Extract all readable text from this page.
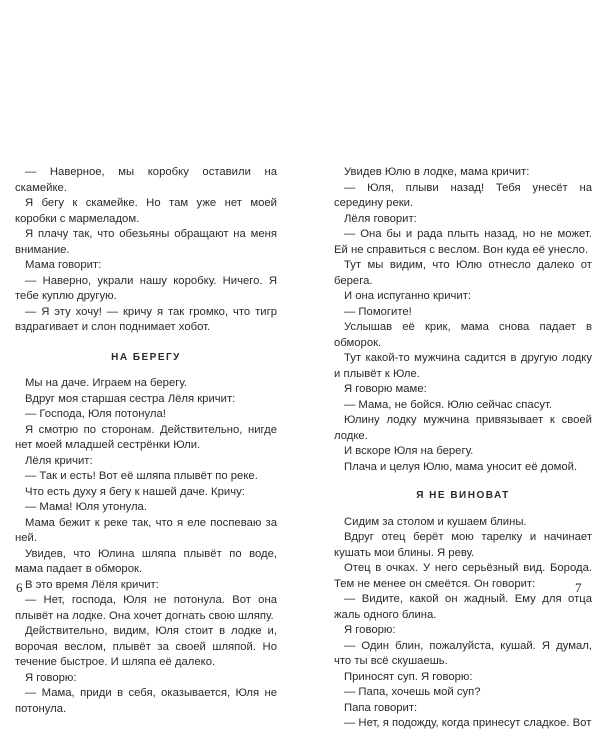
— Наверное, мы коробку оставили на скамейке.

Я бегу к скамейке. Но там уже нет моей коробки с мармеладом.

Я плачу так, что обезьяны обращают на меня внимание.

Мама говорит:

— Наверно, украли нашу коробку. Ничего. Я тебе куплю другую.

— Я эту хочу! — кричу я так громко, что тигр вздрагивает и слон поднимает хобот.

НА БЕРЕГУ

Мы на даче. Играем на берегу.

Вдруг моя старшая сестра Лёля кричит:

— Господа, Юля потонула!

Я смотрю по сторонам. Действительно, нигде нет моей младшей сестрёнки Юли.

Лёля кричит:

— Так и есть! Вот её шляпа плывёт по реке.

Что есть духу я бегу к нашей даче. Кричу:

— Мама! Юля утонула.

Мама бежит к реке так, что я еле поспеваю за ней.

Увидев, что Юлина шляпа плывёт по воде, мама падает в обморок.

В это время Лёля кричит:

— Нет, господа, Юля не потонула. Вот она плывёт на лодке. Она хочет догнать свою шляпу.

Действительно, видим, Юля стоит в лодке и, ворочая веслом, плывёт за своей шляпой. Но течение быстрое. И шляпа её далеко.

Я говорю:

— Мама, приди в себя, оказывается, Юля не потонула.

6

Увидев Юлю в лодке, мама кричит:

— Юля, плыви назад! Тебя унесёт на середину реки.

Лёля говорит:

— Она бы и рада плыть назад, но не может. Ей не справиться с веслом. Вон куда её унесло.

Тут мы видим, что Юлю отнесло далеко от берега.

И она испуганно кричит:

— Помогите!

Услышав её крик, мама снова падает в обморок.

Тут какой-то мужчина садится в другую лодку и плывёт к Юле.

Я говорю маме:

— Мама, не бойся. Юлю сейчас спасут.

Юлину лодку мужчина привязывает к своей лодке.

И вскоре Юля на берегу.

Плача и целуя Юлю, мама уносит её домой.

Я НЕ ВИНОВАТ

Сидим за столом и кушаем блины.

Вдруг отец берёт мою тарелку и начинает кушать мои блины. Я реву.

Отец в очках. У него серьёзный вид. Борода. Тем не менее он смеётся. Он говорит:

— Видите, какой он жадный. Ему для отца жаль одного блина.

Я говорю:

— Один блин, пожалуйста, кушай. Я думал, что ты всё скушаешь.

Приносят суп. Я говорю:

— Папа, хочешь мой суп?

Папа говорит:

— Нет, я подожду, когда принесут сладкое. Вот

7
